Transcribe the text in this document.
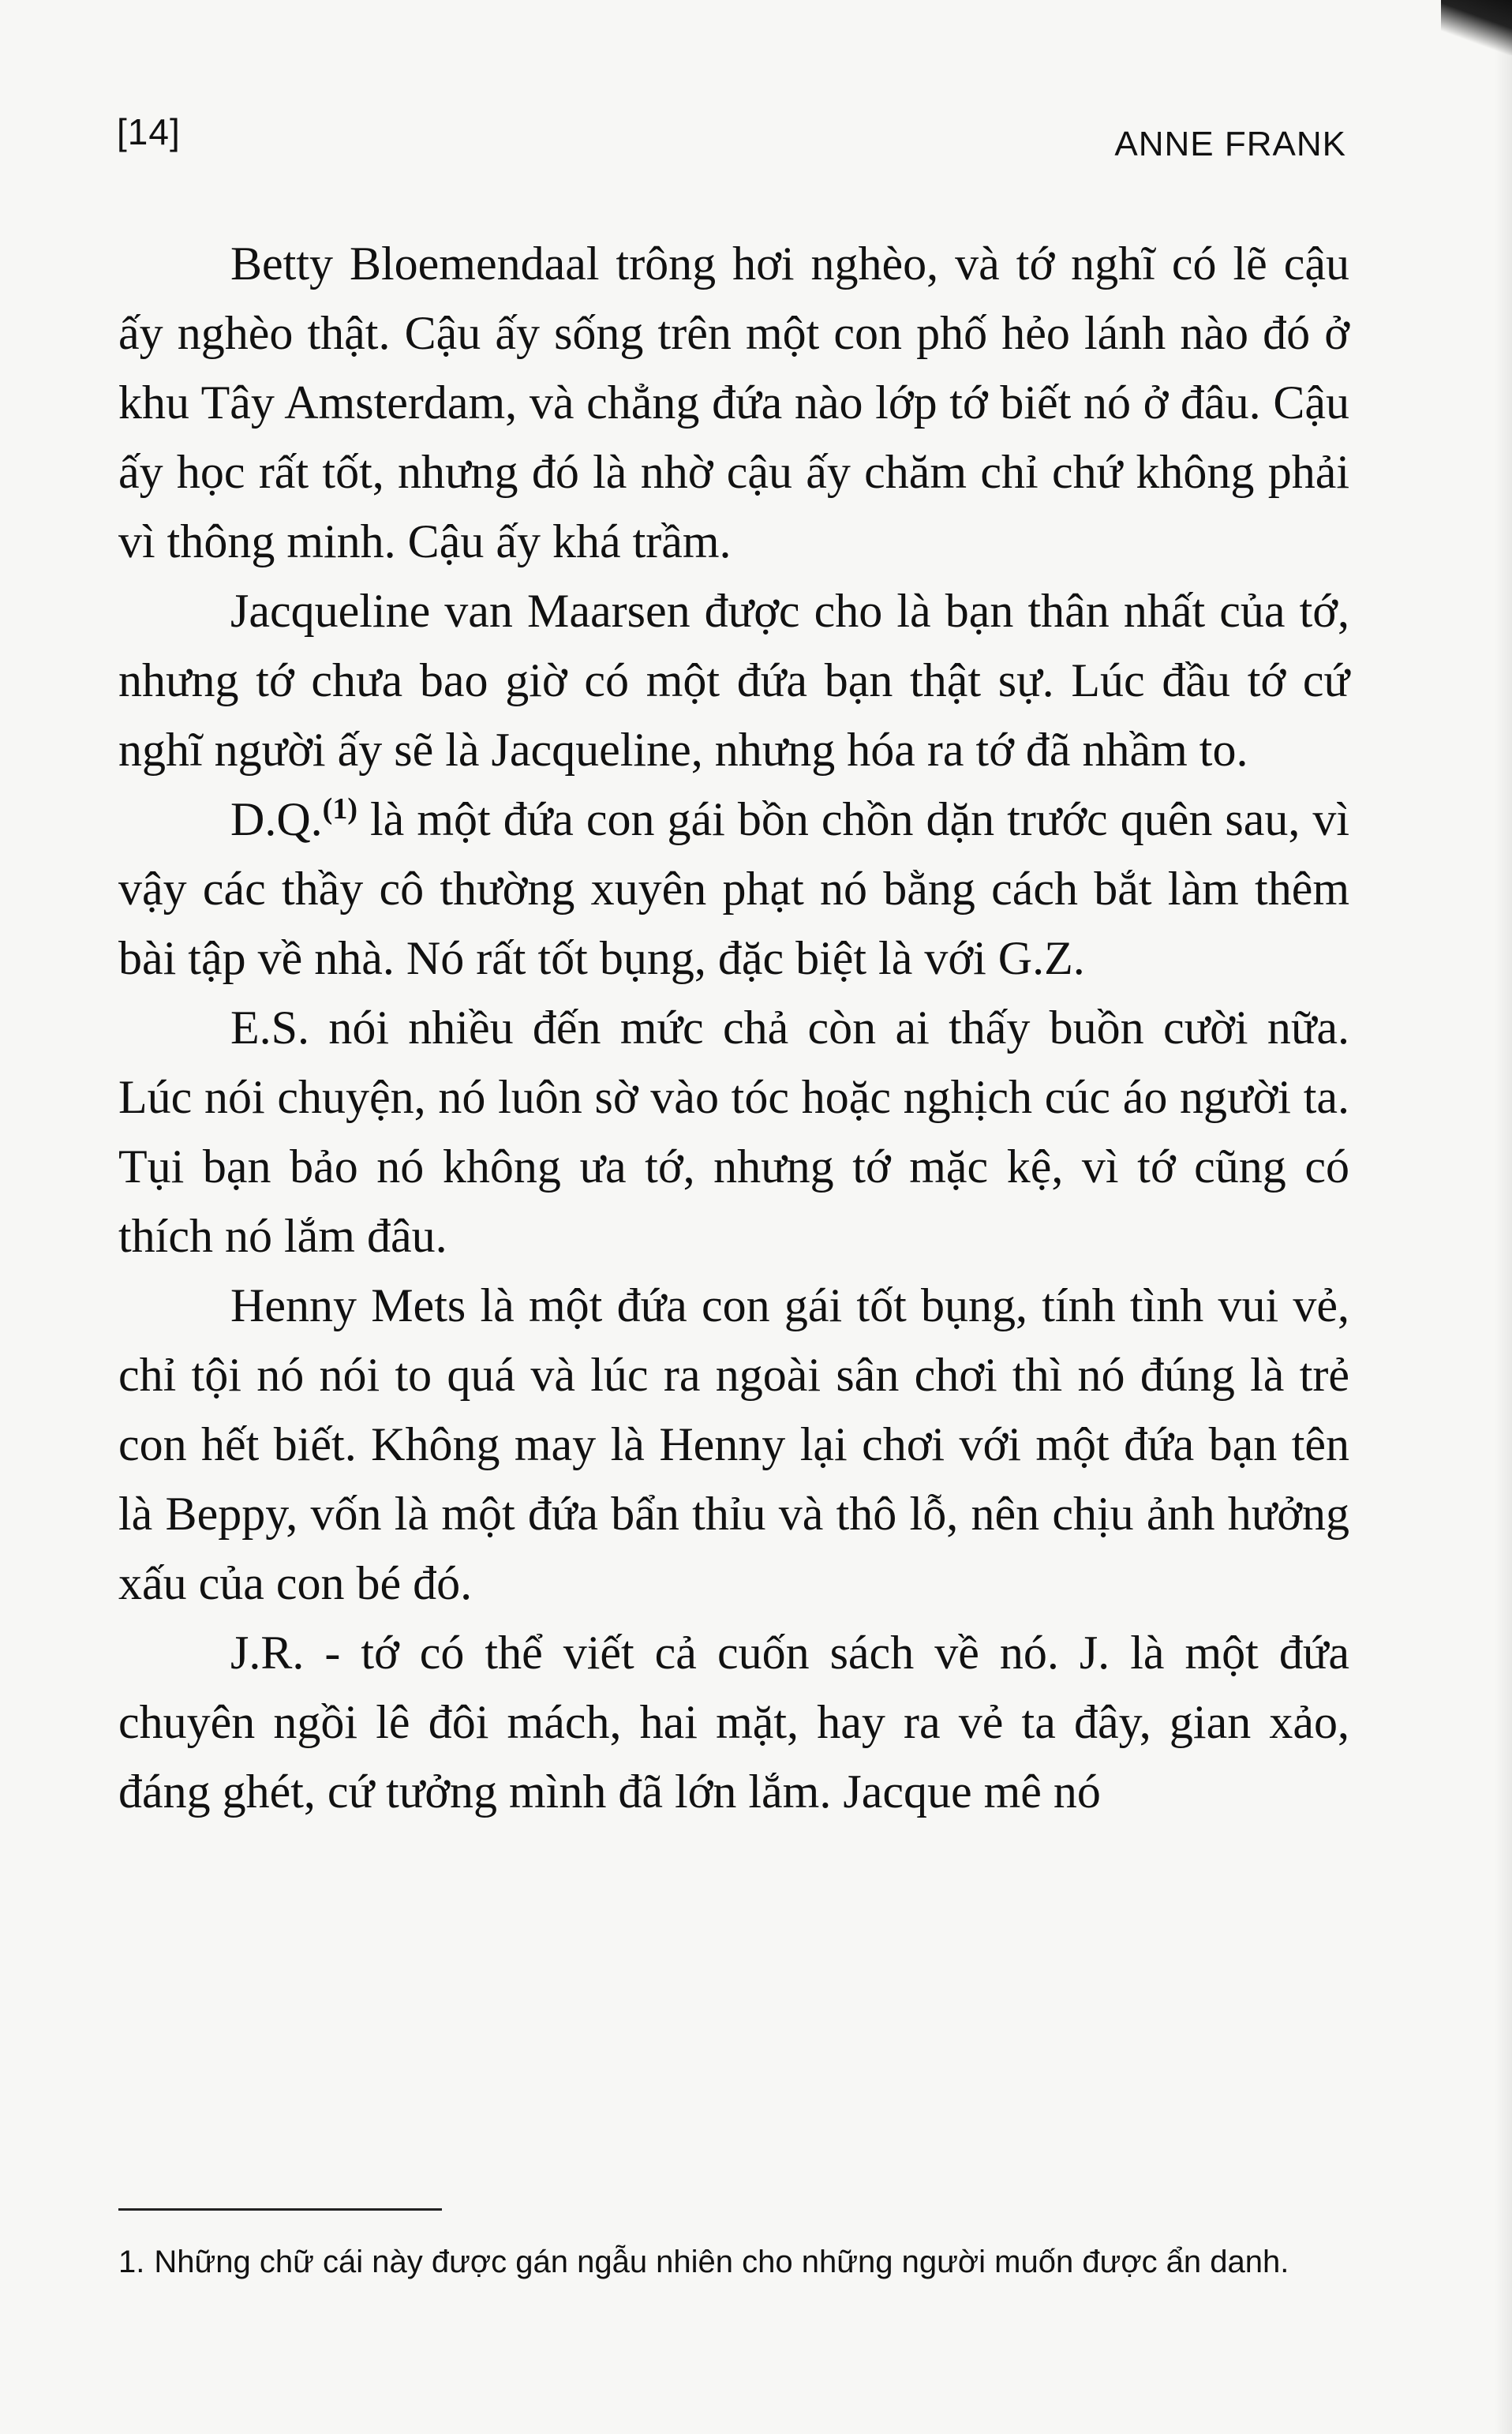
[14]	ANNE FRANK

Betty Bloemendaal trông hơi nghèo, và tớ nghĩ có lẽ cậu ấy nghèo thật. Cậu ấy sống trên một con phố hẻo lánh nào đó ở khu Tây Amsterdam, và chẳng đứa nào lớp tớ biết nó ở đâu. Cậu ấy học rất tốt, nhưng đó là nhờ cậu ấy chăm chỉ chứ không phải vì thông minh. Cậu ấy khá trầm.

Jacqueline van Maarsen được cho là bạn thân nhất của tớ, nhưng tớ chưa bao giờ có một đứa bạn thật sự. Lúc đầu tớ cứ nghĩ người ấy sẽ là Jacqueline, nhưng hóa ra tớ đã nhầm to.

D.Q.$^{(1)}$ là một đứa con gái bồn chồn dặn trước quên sau, vì vậy các thầy cô thường xuyên phạt nó bằng cách bắt làm thêm bài tập về nhà. Nó rất tốt bụng, đặc biệt là với G.Z.

E.S. nói nhiều đến mức chả còn ai thấy buồn cười nữa. Lúc nói chuyện, nó luôn sờ vào tóc hoặc nghịch cúc áo người ta. Tụi bạn bảo nó không ưa tớ, nhưng tớ mặc kệ, vì tớ cũng có thích nó lắm đâu.

Henny Mets là một đứa con gái tốt bụng, tính tình vui vẻ, chỉ tội nó nói to quá và lúc ra ngoài sân chơi thì nó đúng là trẻ con hết biết. Không may là Henny lại chơi với một đứa bạn tên là Beppy, vốn là một đứa bẩn thỉu và thô lỗ, nên chịu ảnh hưởng xấu của con bé đó.

J.R. - tớ có thể viết cả cuốn sách về nó. J. là một đứa chuyên ngồi lê đôi mách, hai mặt, hay ra vẻ ta đây, gian xảo, đáng ghét, cứ tưởng mình đã lớn lắm. Jacque mê nó

1. Những chữ cái này được gán ngẫu nhiên cho những người muốn được ẩn danh.
